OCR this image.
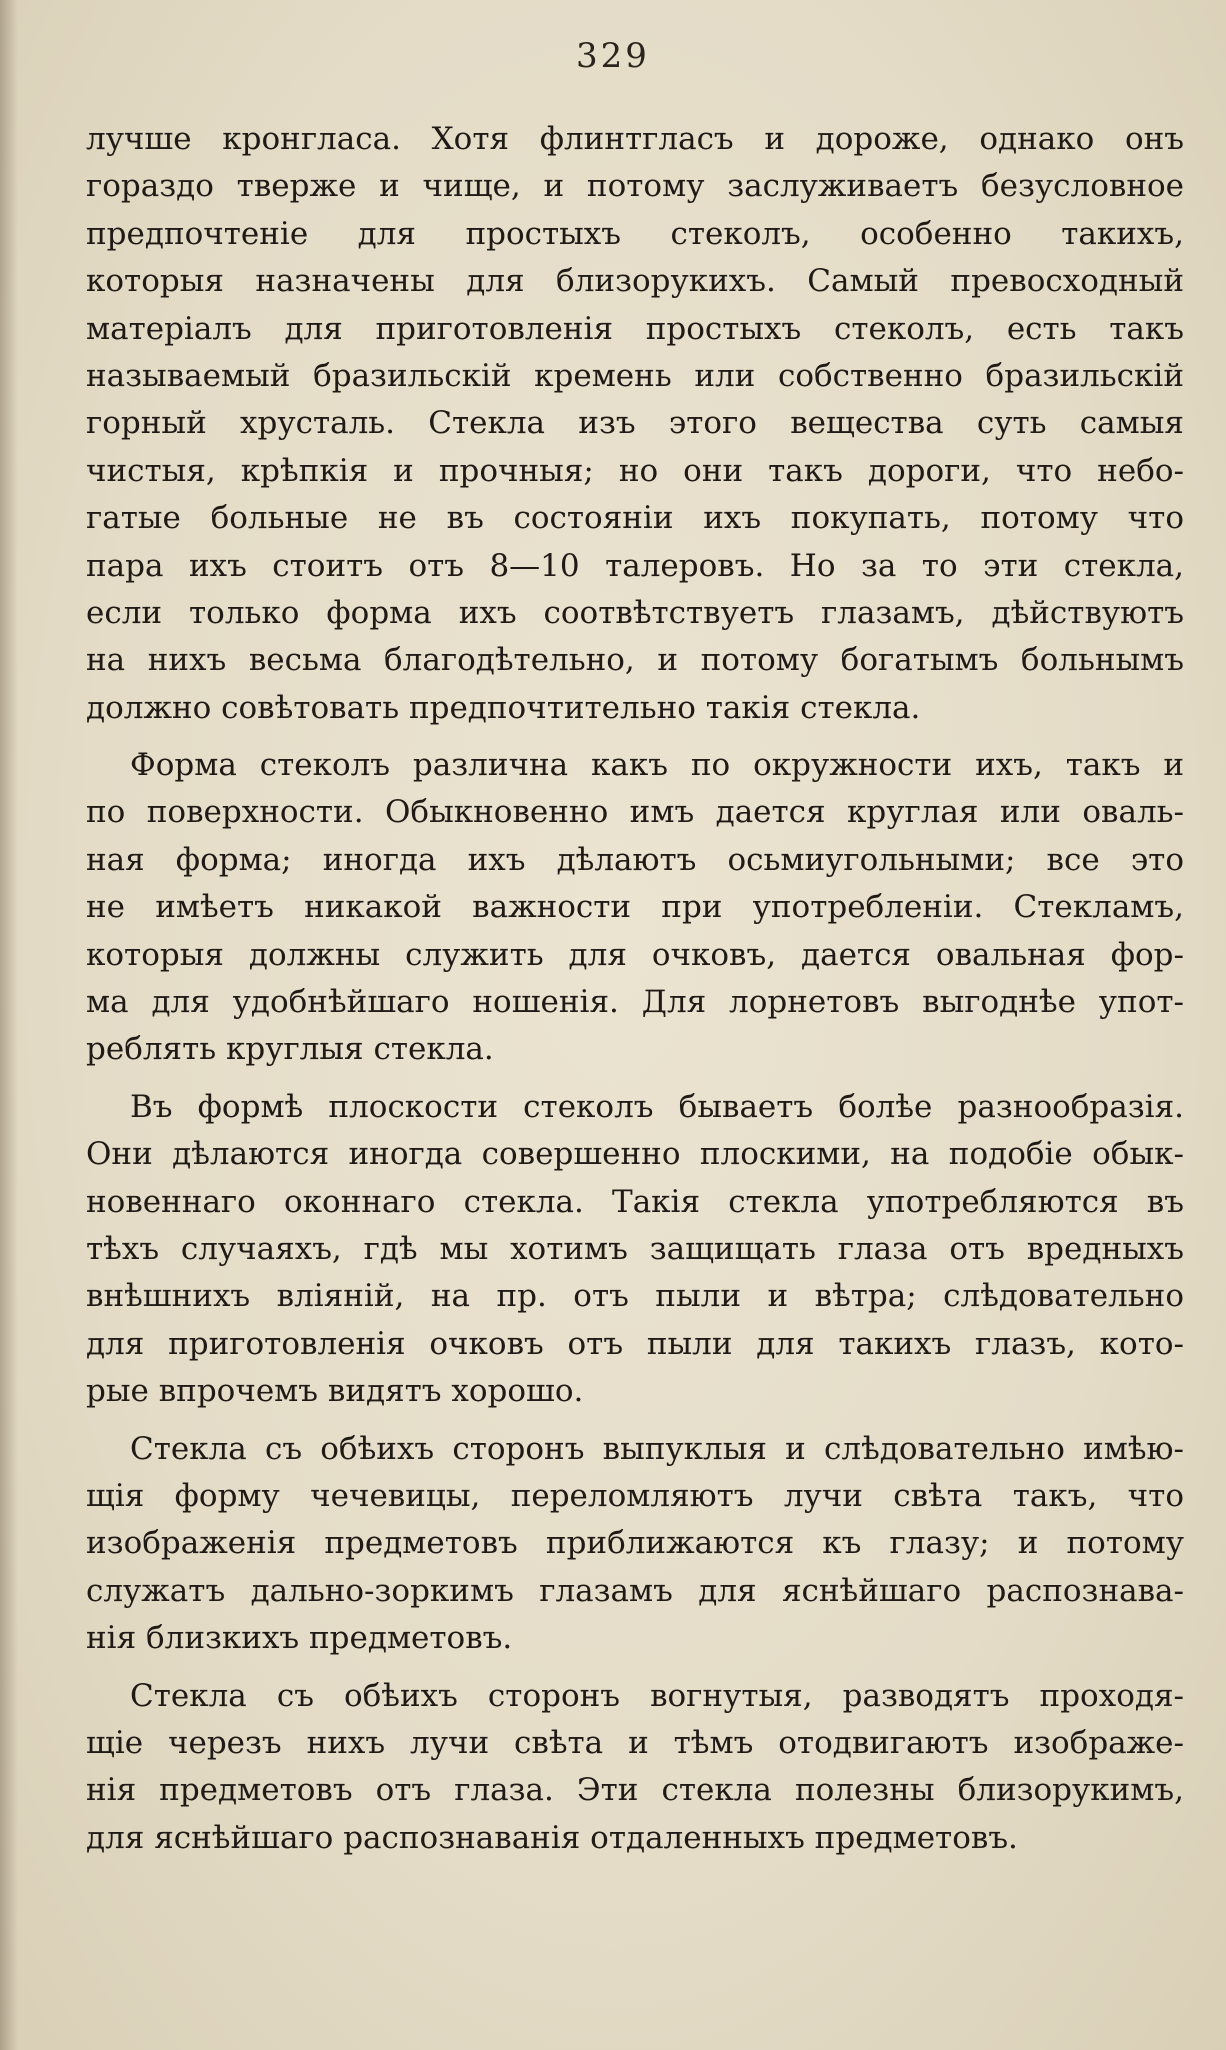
329
лучше кронгласа. Хотя флинтгласъ и дороже, однако онъ
гораздо тверже и чище, и потому заслуживаетъ безусловное
предпочтенie для простыхъ стеколъ, особенно такихъ,
которыя назначены для близорукихъ. Самый превосходный
матерiалъ для приготовленiя простыхъ стеколъ, есть такъ
называемый бразильскiй кремень или собственно бразильскiй
горный хрусталь. Стекла изъ этого вещества суть самыя
чистыя, крѣпкiя и прочныя; но они такъ дороги, что небо-
гатые больные не въ состоянiи ихъ покупать, потому что
пара ихъ стоитъ отъ 8—10 талеровъ. Но за то эти стекла,
если только форма ихъ соотвѣтствуетъ глазамъ, дѣйствуютъ
на нихъ весьма благодѣтельно, и потому богатымъ больнымъ
должно совѣтовать предпочтительно такiя стекла.
Форма стеколъ различна какъ по окружности ихъ, такъ и
по поверхности. Обыкновенно имъ дается круглая или оваль-
ная форма; иногда ихъ дѣлаютъ осьмиугольными; все это
не имѣетъ никакой важности при употребленiи. Стекламъ,
которыя должны служить для очковъ, дается овальная фор-
ма для удобнѣйшаго ношенiя. Для лорнетовъ выгоднѣе упот-
реблять круглыя стекла.
Въ формѣ плоскости стеколъ бываетъ болѣе разнообразiя.
Они дѣлаются иногда совершенно плоскими, на подобiе обык-
новеннаго оконнаго стекла. Такiя стекла употребляются въ
тѣхъ случаяхъ, гдѣ мы хотимъ защищать глаза отъ вредныхъ
внѣшнихъ влiянiй, на пр. отъ пыли и вѣтра; слѣдовательно
для приготовленiя очковъ отъ пыли для такихъ глазъ, кото-
рые впрочемъ видятъ хорошо.
Стекла съ обѣихъ сторонъ выпуклыя и слѣдовательно имѣю-
щiя форму чечевицы, переломляютъ лучи свѣта такъ, что
изображенiя предметовъ приближаются къ глазу; и потому
служатъ дально-зоркимъ глазамъ для яснѣйшаго распознава-
нiя близкихъ предметовъ.
Стекла съ обѣихъ сторонъ вогнутыя, разводятъ проходя-
щiе черезъ нихъ лучи свѣта и тѣмъ отодвигаютъ изображе-
нiя предметовъ отъ глаза. Эти стекла полезны близорукимъ,
для яснѣйшаго распознаванiя отдаленныхъ предметовъ.
